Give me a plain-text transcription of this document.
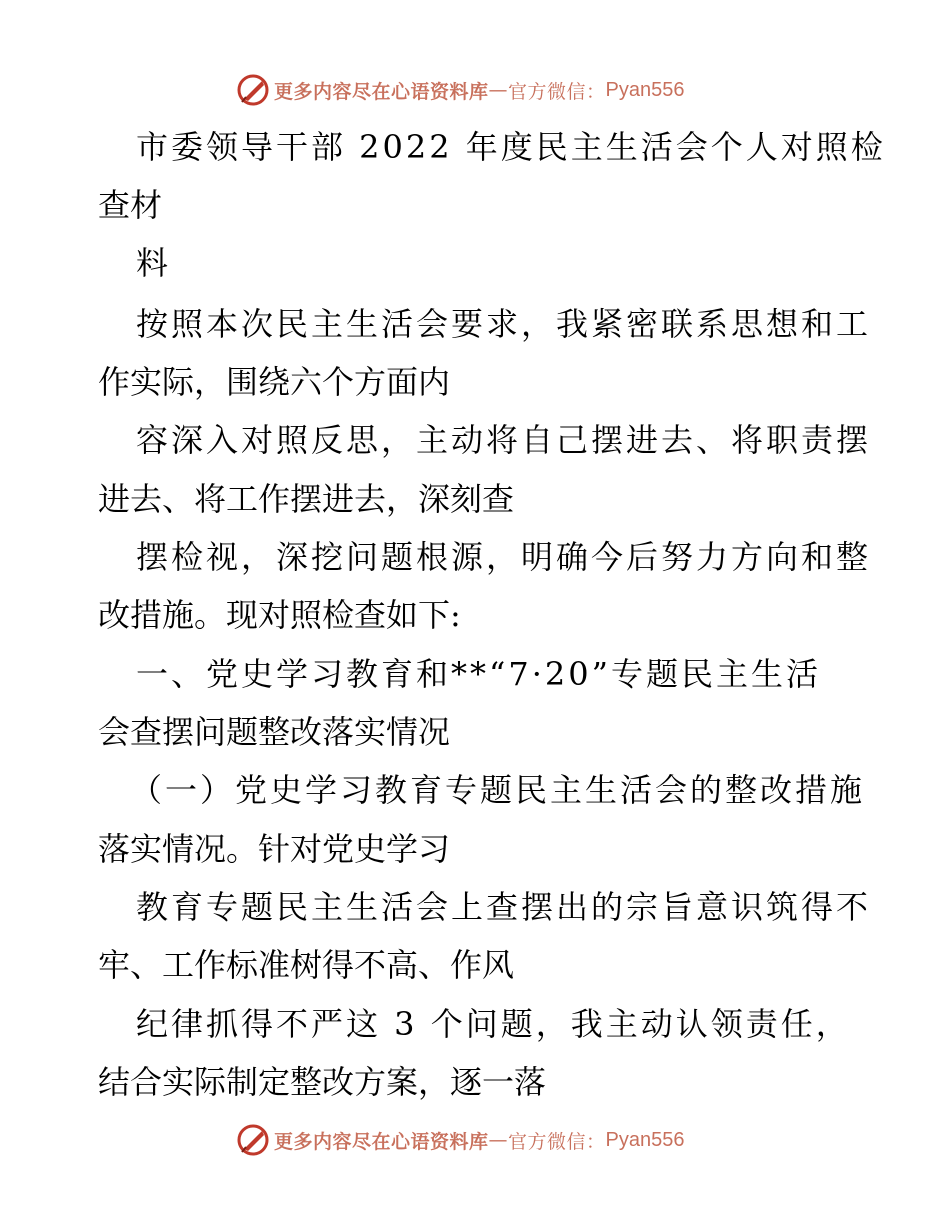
更多内容尽在心语资料库 — 官方微信： Pyan556
市委领导干部 2022 年度民主生活会个人对照检
查材
料
按照本次民主生活会要求，我紧密联系思想和工
作实际，围绕六个方面内
容深入对照反思，主动将自己摆进去、将职责摆
进去、将工作摆进去，深刻查
摆检视，深挖问题根源，明确今后努力方向和整
改措施。现对照检查如下:
一、党史学习教育和**“7·20”专题民主生活
会查摆问题整改落实情况
（一）党史学习教育专题民主生活会的整改措施
落实情况。针对党史学习
教育专题民主生活会上查摆出的宗旨意识筑得不
牢、工作标准树得不高、作风
纪律抓得不严这 3 个问题，我主动认领责任，
结合实际制定整改方案，逐一落
更多内容尽在心语资料库 — 官方微信： Pyan556
